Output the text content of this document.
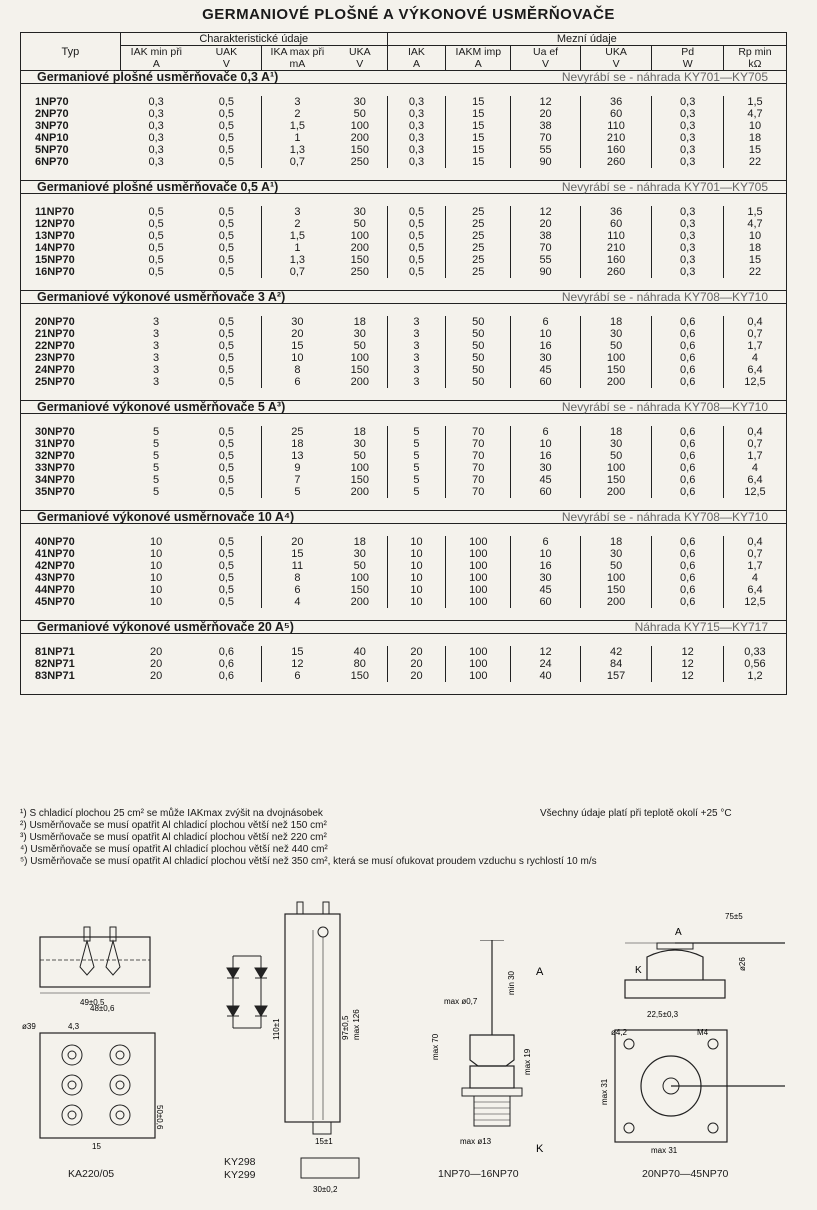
GERMANIOVÉ PLOŠNÉ A VÝKONOVÉ USMĚRŇOVAČE
Typ	Charakteristické údaje				Mezní údaje					
	IAK min při	UAK	IKA max při	UKA	IAK	IAKM imp	Ua ef	UKA	Pd	Rp min
	A	V	mA	V	A	A	V	V	W	kΩ
Germaniové plošné usměrňovače 0,3 A¹)						Nevyrábí se - náhrada KY701—KY705				

1NP70	0,3	0,5	3	30	0,3	15	12	36	0,3	1,5
2NP70	0,3	0,5	2	50	0,3	15	20	60	0,3	4,7
3NP70	0,3	0,5	1,5	100	0,3	15	38	110	0,3	10
4NP10	0,3	0,5	1	200	0,3	15	70	210	0,3	18
5NP70	0,3	0,5	1,3	150	0,3	15	55	160	0,3	15
6NP70	0,3	0,5	0,7	250	0,3	15	90	260	0,3	22

Germaniové plošné usměrňovače 0,5 A¹)						Nevyrábí se - náhrada KY701—KY705				

11NP70	0,5	0,5	3	30	0,5	25	12	36	0,3	1,5
12NP70	0,5	0,5	2	50	0,5	25	20	60	0,3	4,7
13NP70	0,5	0,5	1,5	100	0,5	25	38	110	0,3	10
14NP70	0,5	0,5	1	200	0,5	25	70	210	0,3	18
15NP70	0,5	0,5	1,3	150	0,5	25	55	160	0,3	15
16NP70	0,5	0,5	0,7	250	0,5	25	90	260	0,3	22

Germaniové výkonové usměrňovače 3 A²)						Nevyrábí se - náhrada KY708—KY710				

20NP70	3	0,5	30	18	3	50	6	18	0,6	0,4
21NP70	3	0,5	20	30	3	50	10	30	0,6	0,7
22NP70	3	0,5	15	50	3	50	16	50	0,6	1,7
23NP70	3	0,5	10	100	3	50	30	100	0,6	4
24NP70	3	0,5	8	150	3	50	45	150	0,6	6,4
25NP70	3	0,5	6	200	3	50	60	200	0,6	12,5

Germaniové výkonové usměrňovače 5 A³)						Nevyrábí se - náhrada KY708—KY710				

30NP70	5	0,5	25	18	5	70	6	18	0,6	0,4
31NP70	5	0,5	18	30	5	70	10	30	0,6	0,7
32NP70	5	0,5	13	50	5	70	16	50	0,6	1,7
33NP70	5	0,5	9	100	5	70	30	100	0,6	4
34NP70	5	0,5	7	150	5	70	45	150	0,6	6,4
35NP70	5	0,5	5	200	5	70	60	200	0,6	12,5

Germaniové výkonové usměrnovače 10 A⁴)						Nevyrábí se - náhrada KY708—KY710				

40NP70	10	0,5	20	18	10	100	6	18	0,6	0,4
41NP70	10	0,5	15	30	10	100	10	30	0,6	0,7
42NP70	10	0,5	11	50	10	100	16	50	0,6	1,7
43NP70	10	0,5	8	100	10	100	30	100	0,6	4
44NP70	10	0,5	6	150	10	100	45	150	0,6	6,4
45NP70	10	0,5	4	200	10	100	60	200	0,6	12,5

Germaniové výkonové usměrňovače 20 A⁵)						Náhrada KY715—KY717				

81NP71	20	0,6	15	40	20	100	12	42	12	0,33
82NP71	20	0,6	12	80	20	100	24	84	12	0,56
83NP71	20	0,6	6	150	20	100	40	157	12	1,2

¹) S chladicí plochou 25 cm² se může IAKmax zvýšit na dvojnásobek
²) Usměrňovače se musí opatřit Al chladicí plochou větší než 150 cm²
³) Usměrňovače se musí opatřit Al chladicí plochou větší než 220 cm²
⁴) Usměrňovače se musí opatřit Al chladicí plochou větší než 440 cm²
⁵) Usměrňovače se musí opatřit Al chladicí plochou větší než 350 cm², která se musí ofukovat proudem vzduchu s rychlostí 10 m/s
Všechny údaje platí při teplotě okolí +25 °C
49±0,5
48±0,6
ø39	4,3
15
50±0,6
KA220/05
110±1	97±0,5 max 126
15±1
30±0,2
KY298
KY299
A
K
max ø0,7
min 30
max 70
max 19
max ø13
1NP70—16NP70
75±5
A
K	ø26
22,5±0,3
M4
ø4,2
max 31
max 31
20NP70—45NP70
